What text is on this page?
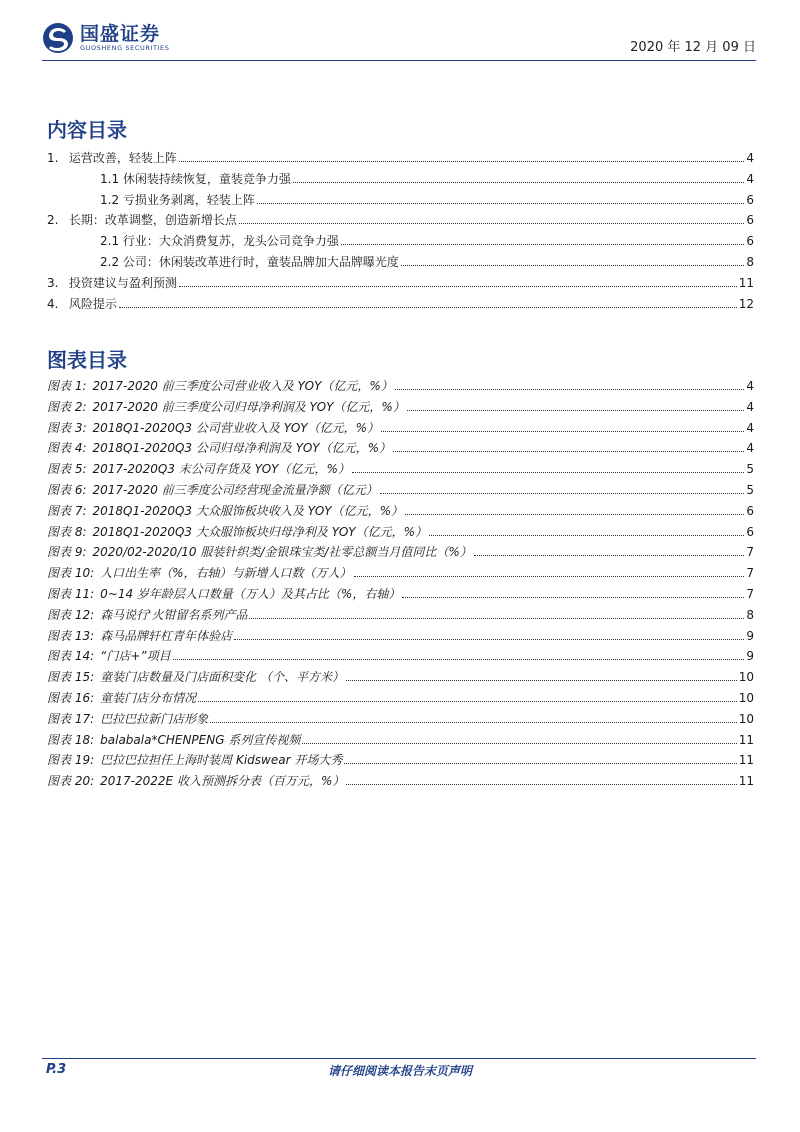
国盛证券
GUOSHENG SECURITIES	2020 年 12 月 09 日
内容目录
1. 运营改善，轻装上阵	4
1.1 休闲装持续恢复，童装竞争力强	4
1.2 亏损业务剥离，轻装上阵	6
2. 长期：改革调整，创造新增长点	6
2.1 行业：大众消费复苏，龙头公司竞争力强	6
2.2 公司：休闲装改革进行时，童装品牌加大品牌曝光度	8
3. 投资建议与盈利预测	11
4. 风险提示	12
图表目录
图表 1: 2017-2020 前三季度公司营业收入及 YOY（亿元，%）	4
图表 2: 2017-2020 前三季度公司归母净利润及 YOY（亿元，%）	4
图表 3: 2018Q1-2020Q3 公司营业收入及 YOY（亿元，%）	4
图表 4: 2018Q1-2020Q3 公司归母净利润及 YOY（亿元，%）	4
图表 5: 2017-2020Q3 末公司存货及 YOY（亿元，%）	5
图表 6: 2017-2020 前三季度公司经营现金流量净额（亿元）	5
图表 7: 2018Q1-2020Q3 大众服饰板块收入及 YOY（亿元，%）	6
图表 8: 2018Q1-2020Q3 大众服饰板块归母净利及 YOY（亿元，%）	6
图表 9: 2020/02-2020/10 服装针织类/金银珠宝类/社零总额当月值同比（%）	7
图表 10: 人口出生率（%，右轴）与新增人口数（万人）	7
图表 11: 0~14 岁年龄层人口数量（万人）及其占比（%，右轴）	7
图表 12: 森马说行'火钳留名系列产品	8
图表 13: 森马品牌轩杠青年体验店	9
图表 14: “门店+”项目	9
图表 15: 童装门店数量及门店面积变化 （个、平方米）	10
图表 16: 童装门店分布情况	10
图表 17: 巴拉巴拉新门店形象	10
图表 18: balabala*CHENPENG 系列宣传视频	11
图表 19: 巴拉巴拉担任上海时装周 Kidswear 开场大秀	11
图表 20: 2017-2022E 收入预测拆分表（百万元，%）	11
P.3	请仔细阅读本报告末页声明
